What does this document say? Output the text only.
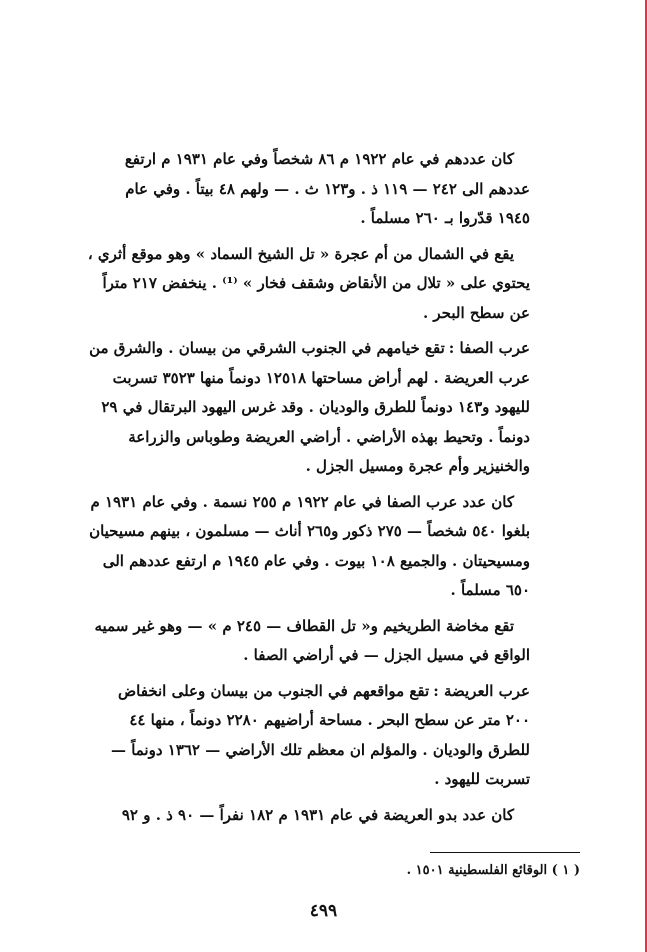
كان عددهم في عام ١٩٢٢ م ٨٦ شخصاً وفي عام ١٩٣١ م ارتفع
عددهم الى ٢٤٢ — ١١٩ ذ . و١٢٣ ث . — ولهم ٤٨ بيتاً . وفي عام
١٩٤٥ قدّروا بـ ٢٦٠ مسلماً .
يقع في الشمال من أم عجرة « تل الشيخ السماد » وهو موقع أثري ،
يحتوي على « تلال من الأنقاض وشقف فخار » ⁽¹⁾ . ينخفض ٢١٧ متراً
عن سطح البحر .
عرب الصفا :تقع خيامهم في الجنوب الشرقي من بيسان . والشرق من
عرب العريضة . لهم أراض مساحتها ١٢٥١٨ دونماً منها ٣٥٢٣ تسربت
لليهود و١٤٣ دونماً للطرق والوديان . وقد غرس اليهود البرتقال في ٢٩
دونماً . وتحيط بهذه الأراضي . أراضي العريضة وطوباس والزراعة
والخنيزير وأم عجرة ومسيل الجزل .
كان عدد عرب الصفا في عام ١٩٢٢ م ٢٥٥ نسمة . وفي عام ١٩٣١ م
بلغوا ٥٤٠ شخصاً — ٢٧٥ ذكور و٢٦٥ أناث — مسلمون ، بينهم مسيحيان
ومسيحيتان . والجميع ١٠٨ بيوت . وفي عام ١٩٤٥ م ارتفع عددهم الى
٦٥٠ مسلماً .
تقع مخاضة الطريخيم و« تل القطاف — ٢٤٥ م » — وهو غير سميه
الواقع في مسيل الجزل — في أراضي الصفا .
عرب العريضة :تقع مواقعهم في الجنوب من بيسان وعلى انخفاض
٢٠٠ متر عن سطح البحر . مساحة أراضيهم ٢٢٨٠ دونماً ، منها ٤٤
للطرق والوديان . والمؤلم ان معظم تلك الأراضي — ١٣٦٢ دونماً —
تسربت لليهود .
كان عدد بدو العريضة في عام ١٩٣١ م ١٨٢ نفراً — ٩٠ ذ . و ٩٢
( ١ ) الوقائع الفلسطينية ١٥٠١ .
٤٩٩
